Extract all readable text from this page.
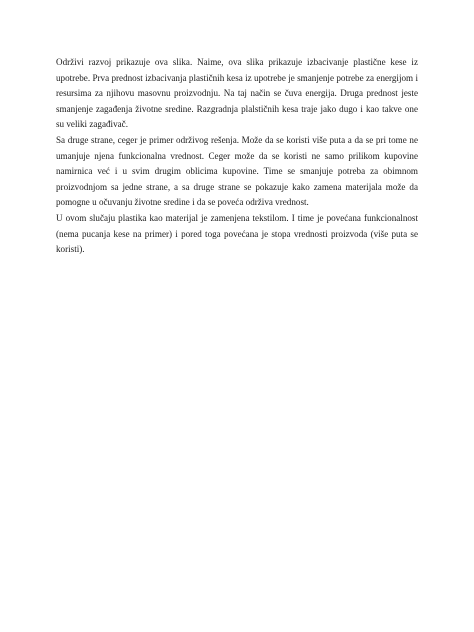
Održivi razvoj prikazuje ova slika. Naime, ova slika prikazuje izbacivanje plastične kese iz upotrebe. Prva prednost izbacivanja plastičnih kesa iz upotrebe je smanjenje potrebe za energijom i resursima za njihovu masovnu proizvodnju. Na taj način se čuva energija. Druga prednost jeste smanjenje zagađenja životne sredine. Razgradnja plalstičnih kesa traje jako dugo i kao takve one su veliki zagađivač.

Sa druge strane, ceger je primer održivog rešenja. Može da se koristi više puta a da se pri tome ne umanjuje njena funkcionalna vrednost. Ceger može da se koristi ne samo prilikom kupovine namirnica već i u svim drugim oblicima kupovine. Time se smanjuje potreba za obimnom proizvodnjom sa jedne strane, a sa druge strane se pokazuje kako zamena materijala može da pomogne u očuvanju životne sredine i da se poveća održiva vrednost.

U ovom slučaju plastika kao materijal je zamenjena tekstilom. I time je povećana funkcionalnost (nema pucanja kese na primer) i pored toga povećana je stopa vrednosti proizvoda (više puta se koristi).
